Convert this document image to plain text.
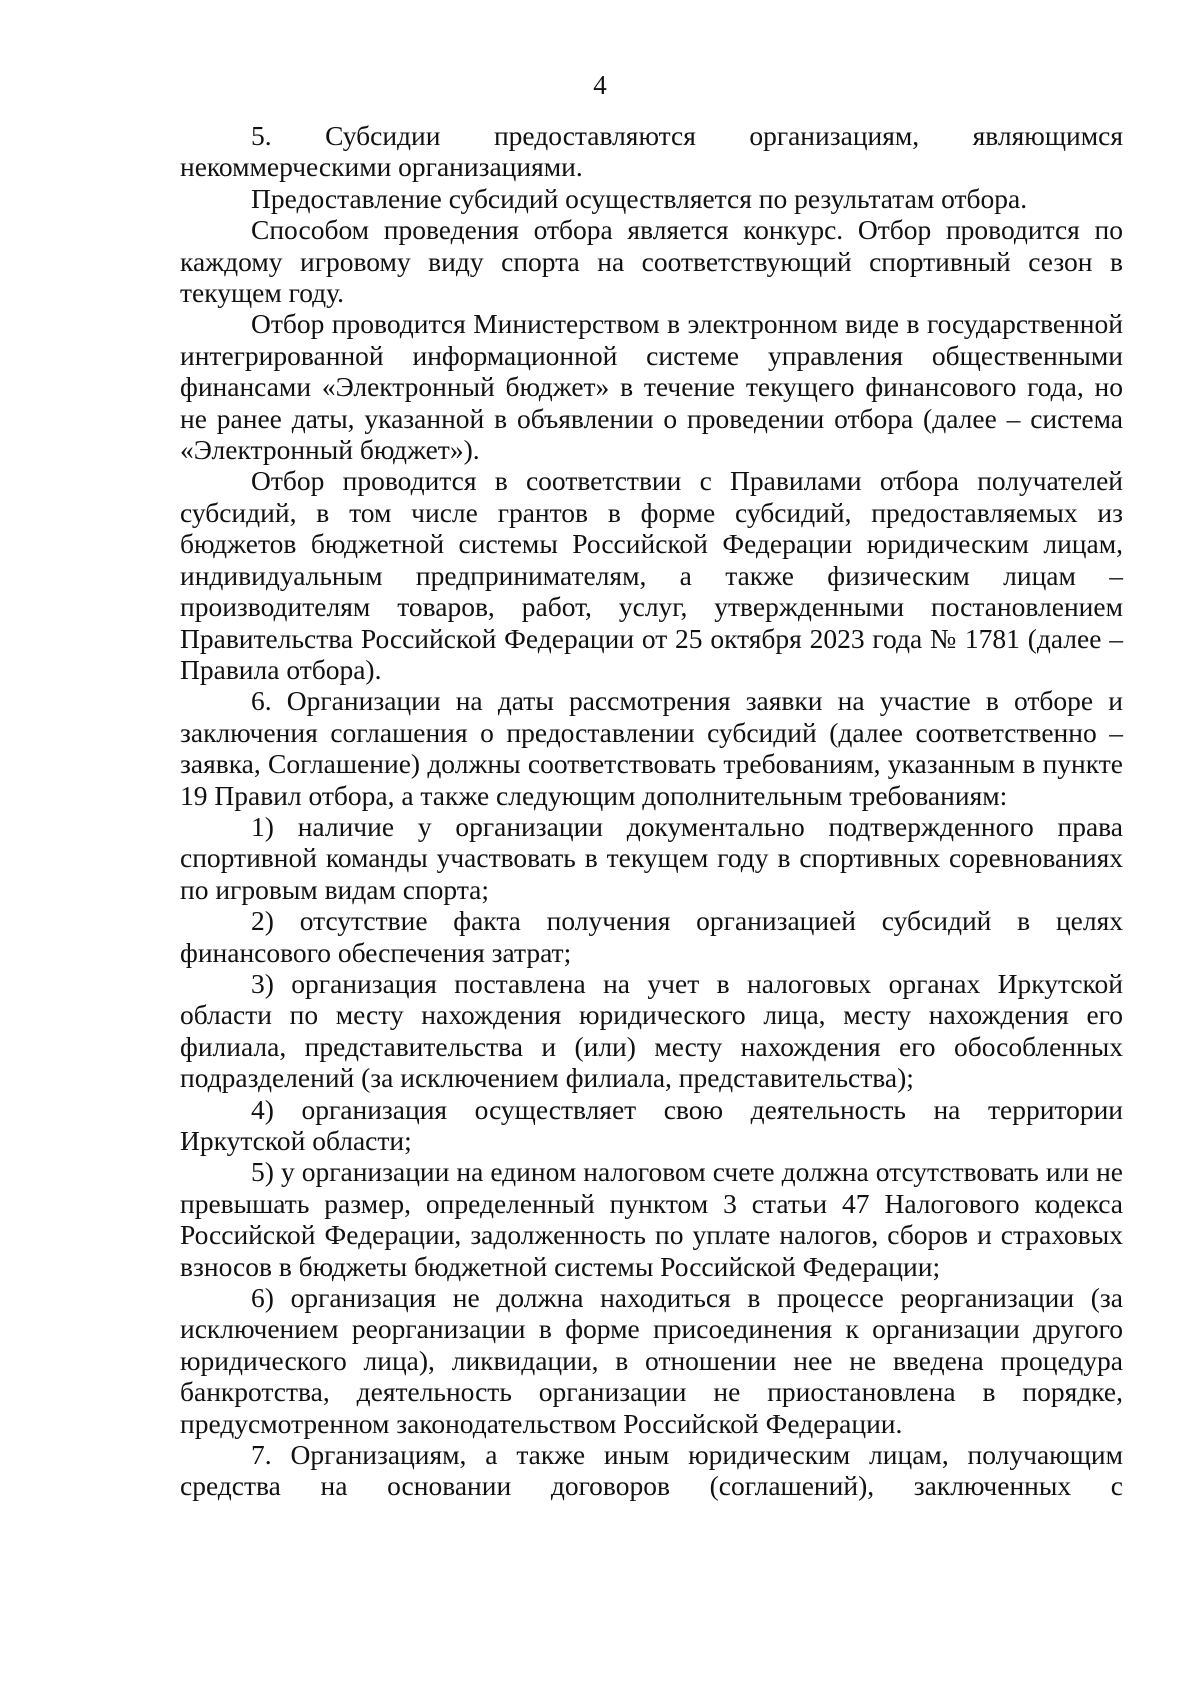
4

5. Субсидии предоставляются организациям, являющимся некоммерческими организациями.

Предоставление субсидий осуществляется по результатам отбора.

Способом проведения отбора является конкурс. Отбор проводится по каждому игровому виду спорта на соответствующий спортивный сезон в текущем году.

Отбор проводится Министерством в электронном виде в государственной интегрированной информационной системе управления общественными финансами «Электронный бюджет» в течение текущего финансового года, но не ранее даты, указанной в объявлении о проведении отбора (далее – система «Электронный бюджет»).

Отбор проводится в соответствии с Правилами отбора получателей субсидий, в том числе грантов в форме субсидий, предоставляемых из бюджетов бюджетной системы Российской Федерации юридическим лицам, индивидуальным предпринимателям, а также физическим лицам – производителям товаров, работ, услуг, утвержденными постановлением Правительства Российской Федерации от 25 октября 2023 года № 1781 (далее – Правила отбора).

6. Организации на даты рассмотрения заявки на участие в отборе и заключения соглашения о предоставлении субсидий (далее соответственно – заявка, Соглашение) должны соответствовать требованиям, указанным в пункте 19 Правил отбора, а также следующим дополнительным требованиям:

1) наличие у организации документально подтвержденного права спортивной команды участвовать в текущем году в спортивных соревнованиях по игровым видам спорта;

2) отсутствие факта получения организацией субсидий в целях финансового обеспечения затрат;

3) организация поставлена на учет в налоговых органах Иркутской области по месту нахождения юридического лица, месту нахождения его филиала, представительства и (или) месту нахождения его обособленных подразделений (за исключением филиала, представительства);

4) организация осуществляет свою деятельность на территории Иркутской области;

5) у организации на едином налоговом счете должна отсутствовать или не превышать размер, определенный пунктом 3 статьи 47 Налогового кодекса Российской Федерации, задолженность по уплате налогов, сборов и страховых взносов в бюджеты бюджетной системы Российской Федерации;

6) организация не должна находиться в процессе реорганизации (за исключением реорганизации в форме присоединения к организации другого юридического лица), ликвидации, в отношении нее не введена процедура банкротства, деятельность организации не приостановлена в порядке, предусмотренном законодательством Российской Федерации.

7. Организациям, а также иным юридическим лицам, получающим средства на основании договоров (соглашений), заключенных с
